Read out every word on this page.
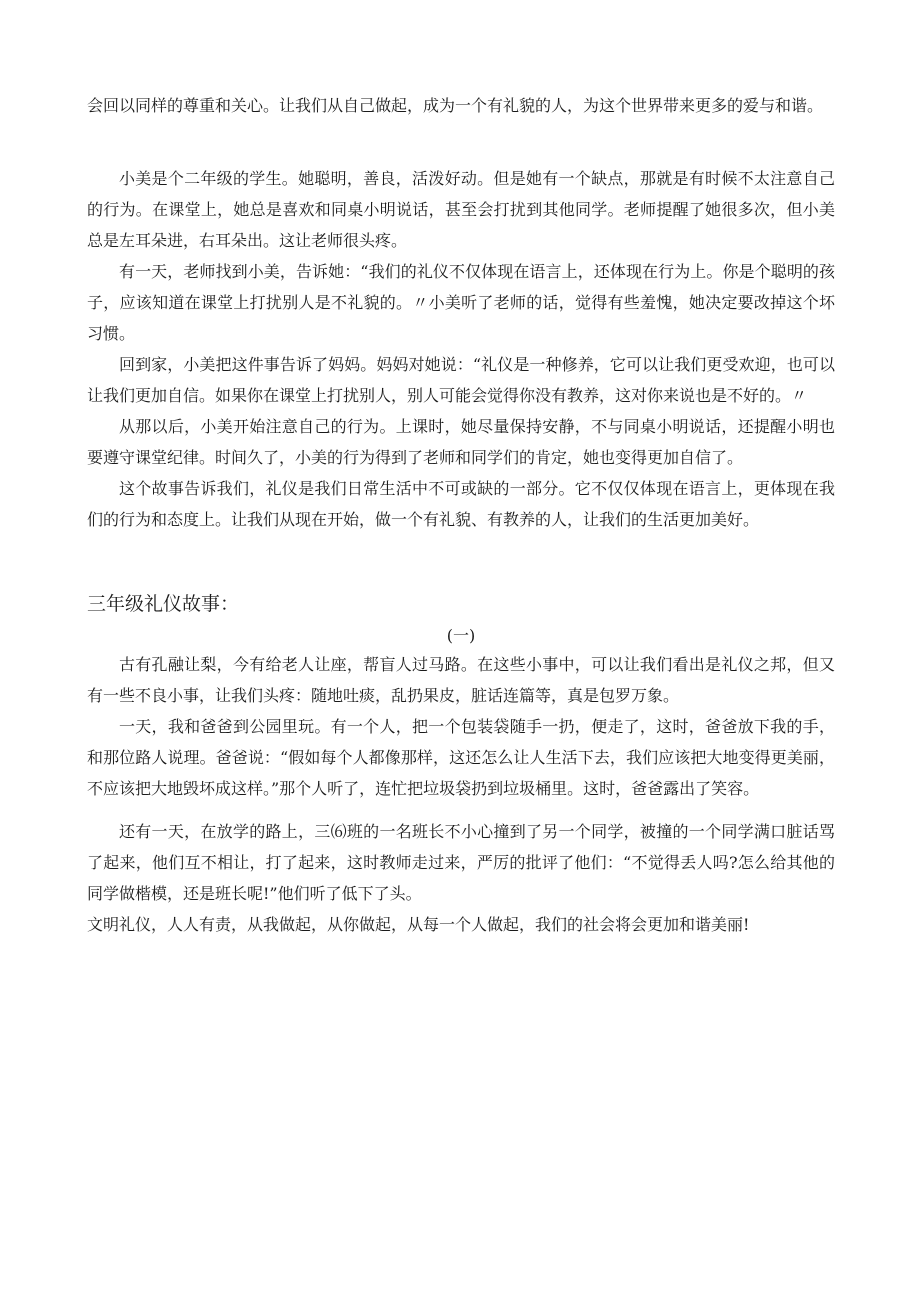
会回以同样的尊重和关心。让我们从自己做起，成为一个有礼貌的人，为这个世界带来更多的爱与和谐。

小美是个二年级的学生。她聪明，善良，活泼好动。但是她有一个缺点，那就是有时候不太注意自己的行为。在课堂上，她总是喜欢和同桌小明说话，甚至会打扰到其他同学。老师提醒了她很多次，但小美总是左耳朵进，右耳朵出。这让老师很头疼。

有一天，老师找到小美，告诉她：“我们的礼仪不仅体现在语言上，还体现在行为上。你是个聪明的孩子，应该知道在课堂上打扰别人是不礼貌的。〃小美听了老师的话，觉得有些羞愧，她决定要改掉这个坏习惯。

回到家，小美把这件事告诉了妈妈。妈妈对她说：“礼仪是一种修养，它可以让我们更受欢迎，也可以让我们更加自信。如果你在课堂上打扰别人，别人可能会觉得你没有教养，这对你来说也是不好的。〃

从那以后，小美开始注意自己的行为。上课时，她尽量保持安静，不与同桌小明说话，还提醒小明也要遵守课堂纪律。时间久了，小美的行为得到了老师和同学们的肯定，她也变得更加自信了。

这个故事告诉我们，礼仪是我们日常生活中不可或缺的一部分。它不仅仅体现在语言上，更体现在我们的行为和态度上。让我们从现在开始，做一个有礼貌、有教养的人，让我们的生活更加美好。

三年级礼仪故事：

(一)

古有孔融让梨，今有给老人让座，帮盲人过马路。在这些小事中，可以让我们看出是礼仪之邦，但又有一些不良小事，让我们头疼：随地吐痰，乱扔果皮，脏话连篇等，真是包罗万象。

一天，我和爸爸到公园里玩。有一个人，把一个包装袋随手一扔，便走了，这时，爸爸放下我的手，和那位路人说理。爸爸说：“假如每个人都像那样，这还怎么让人生活下去，我们应该把大地变得更美丽，不应该把大地毁坏成这样。”那个人听了，连忙把垃圾袋扔到垃圾桶里。这时，爸爸露出了笑容。

还有一天，在放学的路上，三⑹班的一名班长不小心撞到了另一个同学，被撞的一个同学满口脏话骂了起来，他们互不相让，打了起来，这时教师走过来，严厉的批评了他们：“不觉得丢人吗?怎么给其他的同学做楷模，还是班长呢!”他们听了低下了头。

文明礼仪，人人有责，从我做起，从你做起，从每一个人做起，我们的社会将会更加和谐美丽!
